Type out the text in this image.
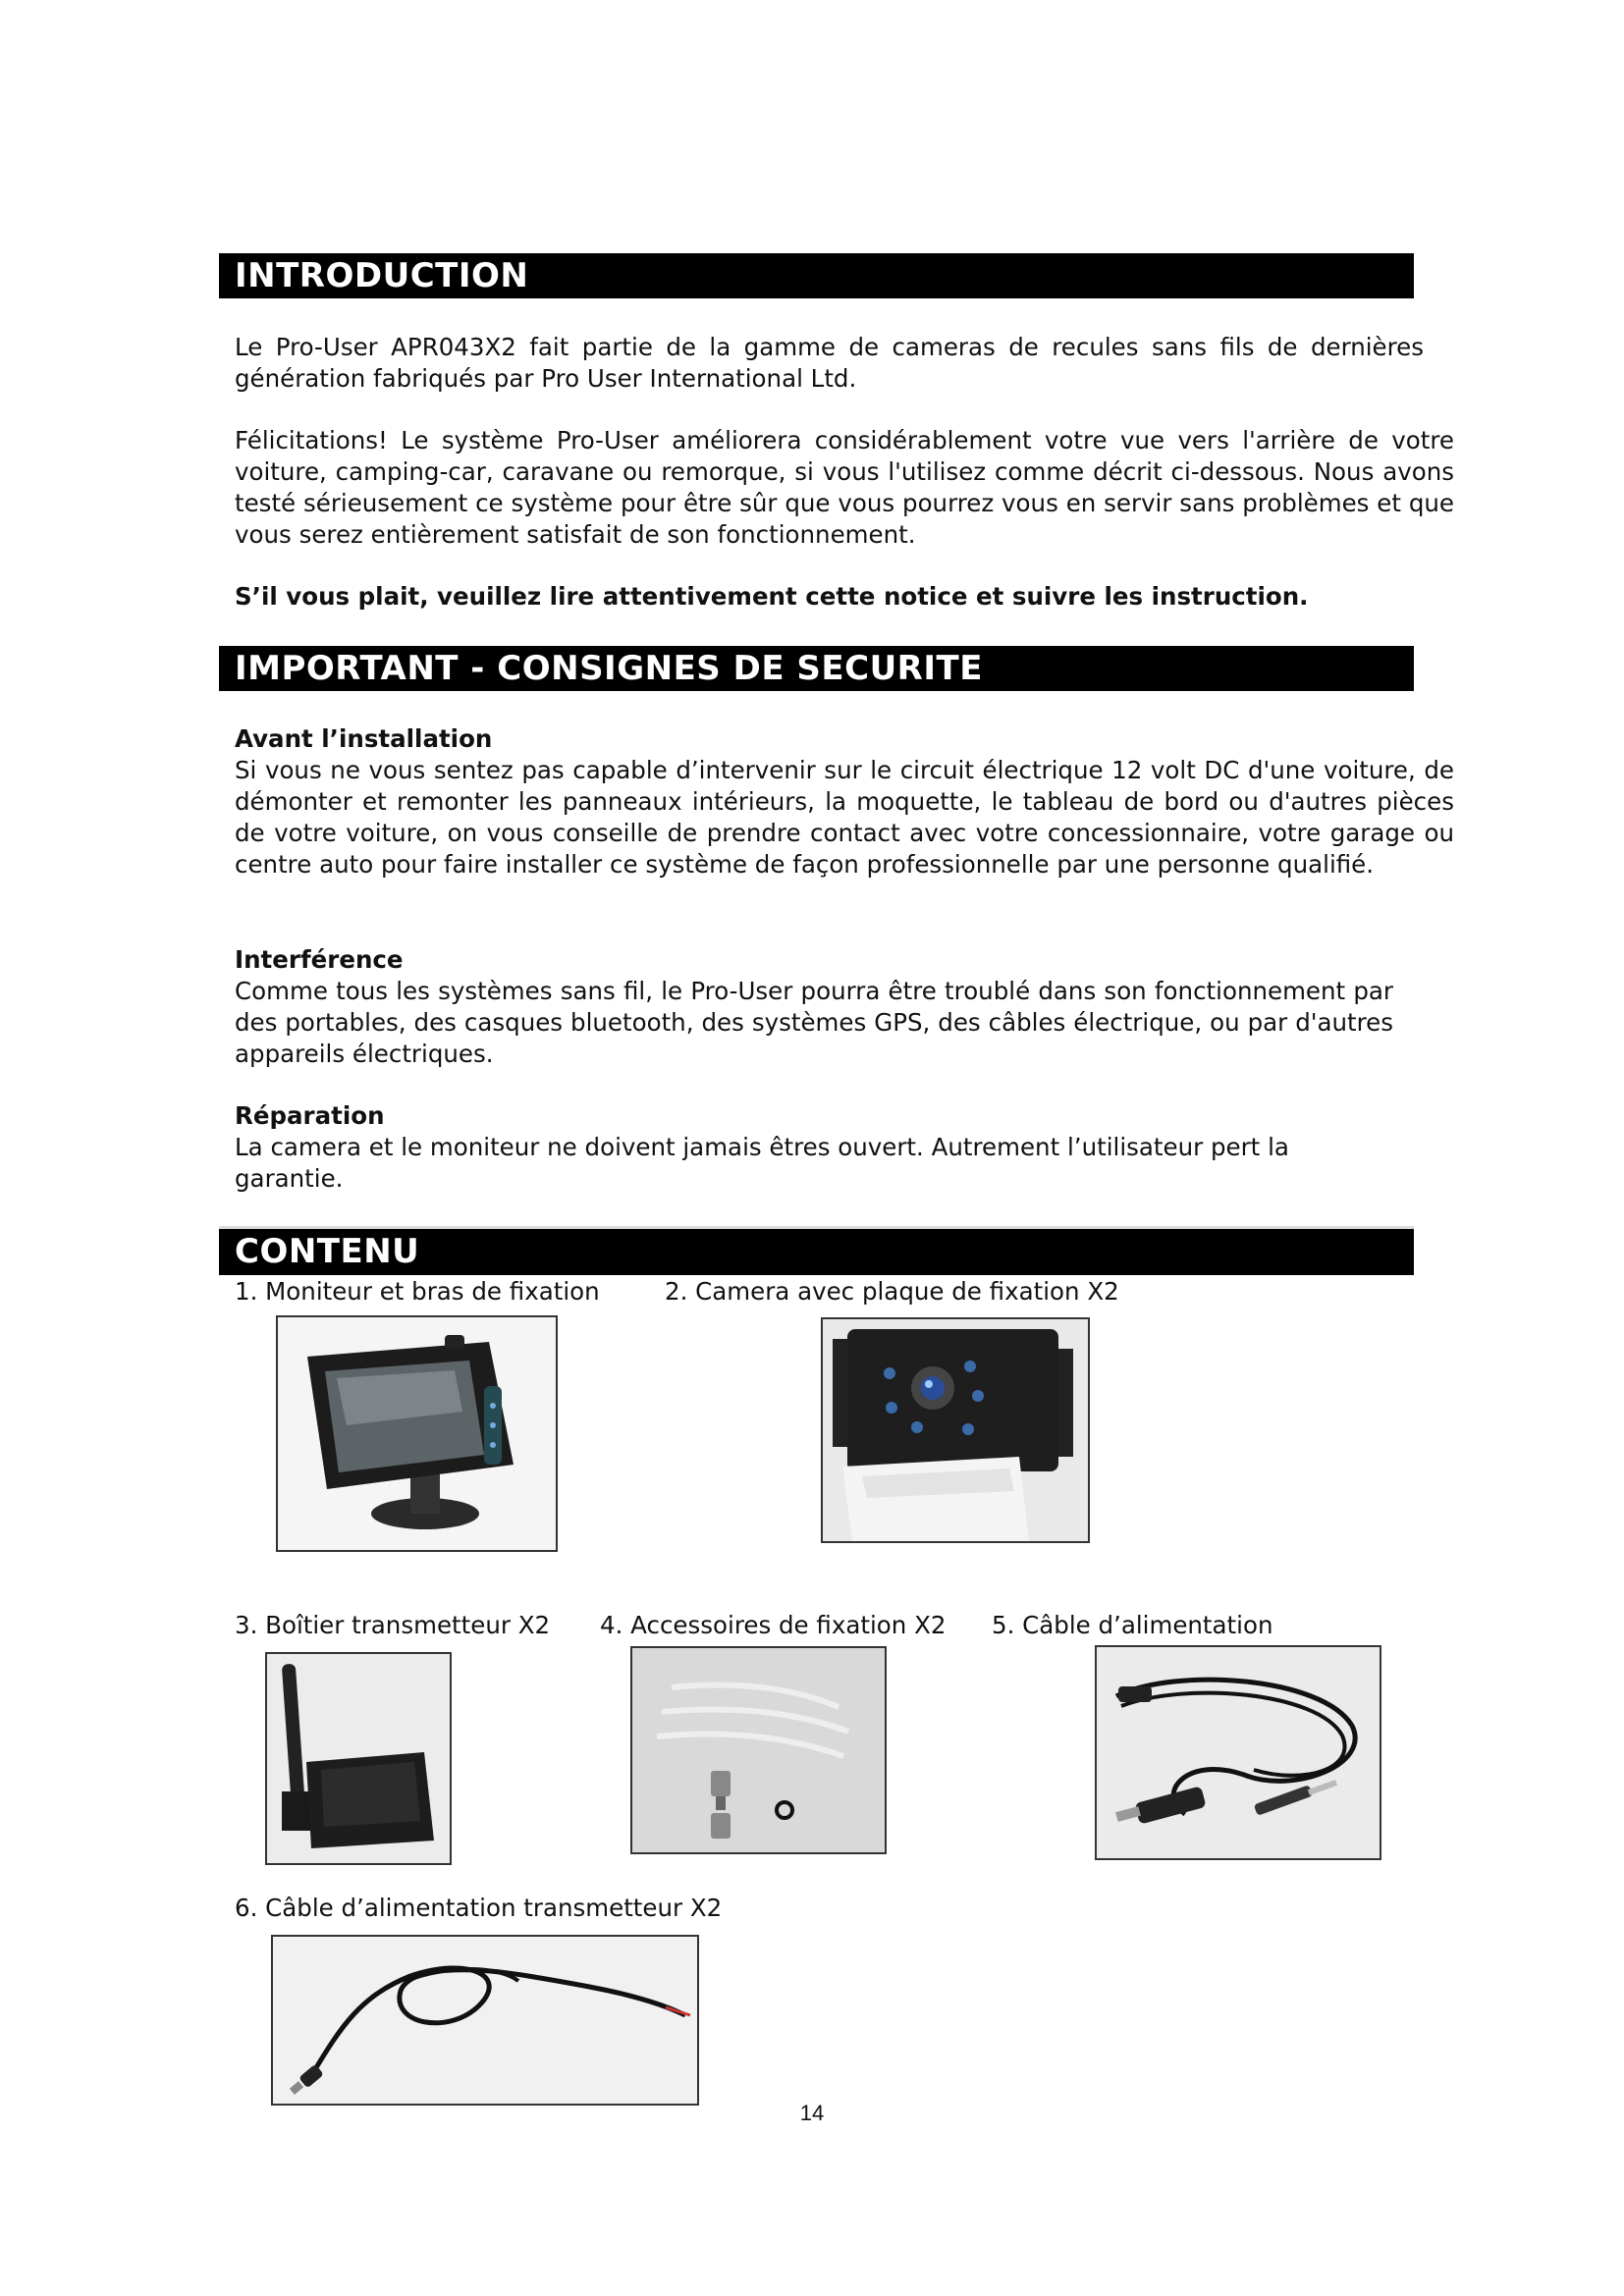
INTRODUCTION

Le Pro-User APR043X2 fait partie de la gamme de cameras de recules sans fils de dernières génération fabriqués par Pro User International Ltd.

Félicitations! Le système Pro-User améliorera considérablement votre vue vers l'arrière de votre voiture, camping-car, caravane ou remorque, si vous l'utilisez comme décrit ci-dessous. Nous avons testé sérieusement ce système pour être sûr que vous pourrez vous en servir sans problèmes et que vous serez entièrement satisfait de son fonctionnement.

S’il vous plait, veuillez lire attentivement cette notice et suivre les instruction.

IMPORTANT - CONSIGNES DE SECURITE

Avant l’installation

Si vous ne vous sentez pas capable d’intervenir sur le circuit électrique 12 volt DC d'une voiture, de démonter et remonter les panneaux intérieurs, la moquette, le tableau de bord ou d'autres pièces de votre voiture, on vous conseille de prendre contact avec votre concessionnaire, votre garage ou centre auto pour faire installer ce système de façon professionnelle par une personne qualifié.

Interférence

Comme tous les systèmes sans fil, le Pro-User pourra être troublé dans son fonctionnement par des portables, des casques bluetooth, des systèmes GPS, des câbles électrique, ou par d'autres appareils électriques.

Réparation

La camera et le moniteur ne doivent jamais êtres ouvert. Autrement l’utilisateur pert la garantie.

CONTENU

1. Moniteur et bras de fixation	2. Camera avec plaque de fixation X2

3. Boîtier transmetteur X2 4. Accessoires de fixation X2 5. Câble d’alimentation

6. Câble d’alimentation transmetteur X2

14
